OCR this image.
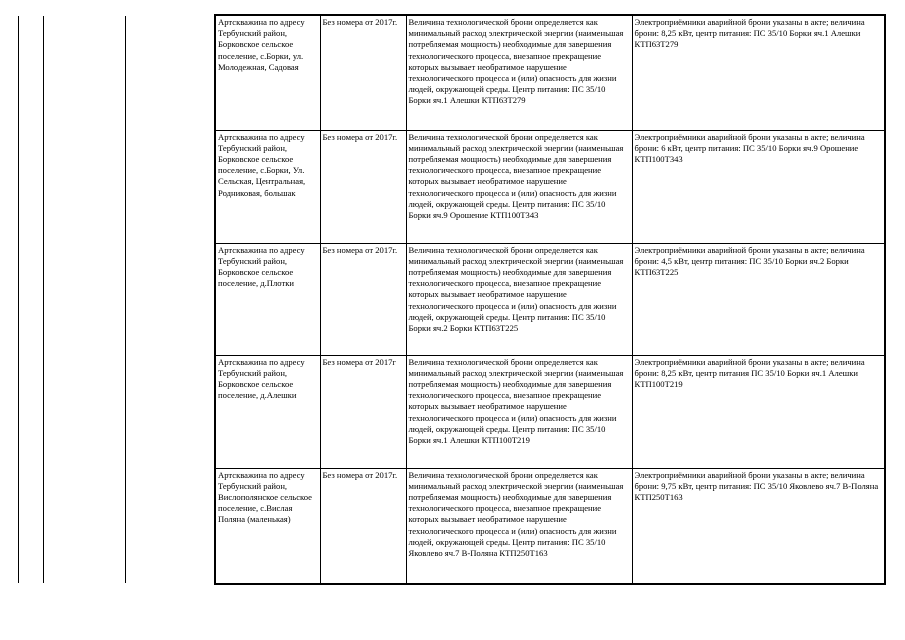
Артскважина по адресу Тербунский район, Борковское сельское поселение, с.Борки, ул. Молодежная, Садовая	Без номера от 2017г.	Величина технологической брони определяется как минимальный расход электрической энергии (наименьшая потребляемая мощность) необходимые для завершения технологического процесса, внезапное прекращение которых вызывает необратимое нарушение технологического процесса и (или) опасность для жизни людей, окружающей среды. Центр питания: ПС 35/10 Борки яч.1 Алешки КТП63Т279	Электроприёмники аварийной брони указаны в акте; величина брони: 8,25 кВт, центр питания: ПС 35/10 Борки яч.1 Алешки КТП63Т279
Артскважина по адресу Тербунский район, Борковское сельское поселение, с.Борки, Ул. Сельская, Центральная, Родниковая, большак	Без номера от 2017г.	Величина технологической брони определяется как минимальный расход электрической энергии (наименьшая потребляемая мощность) необходимые для завершения технологического процесса, внезапное прекращение которых вызывает необратимое нарушение технологического процесса и (или) опасность для жизни людей, окружающей среды. Центр питания: ПС 35/10 Борки яч.9 Орошение КТП100Т343	Электроприёмники аварийной брони указаны в акте; величина брони: 6 кВт, центр питания: ПС 35/10 Борки яч.9 Орошение КТП100Т343
Артскважина по адресу Тербунский район, Борковское сельское поселение, д.Плотки	Без номера от 2017г.	Величина технологической брони определяется как минимальный расход электрической энергии (наименьшая потребляемая мощность) необходимые для завершения технологического процесса, внезапное прекращение которых вызывает необратимое нарушение технологического процесса и (или) опасность для жизни людей, окружающей среды. Центр питания: ПС 35/10 Борки яч.2 Борки КТП63Т225	Электроприёмники аварийной брони указаны в акте; величина брони: 4,5 кВт, центр питания: ПС 35/10 Борки яч.2 Борки КТП63Т225
Артскважина по адресу Тербунский район, Борковское сельское поселение, д.Алешки	Без номера от 2017г	Величина технологической брони определяется как минимальный расход электрической энергии (наименьшая потребляемая мощность) необходимые для завершения технологического процесса, внезапное прекращение которых вызывает необратимое нарушение технологического процесса и (или) опасность для жизни людей, окружающей среды. Центр питания: ПС 35/10 Борки яч.1 Алешки КТП100Т219	Электроприёмники аварийной брони указаны в акте; величина брони: 8,25 кВт, центр питания ПС 35/10 Борки яч.1 Алешки КТП100Т219
Артскважина по адресу Тербунский район, Вислополянское сельское поселение, с.Вислая Поляна (маленькая)	Без номера от 2017г.	Величина технологической брони определяется как минимальный расход электрической энергии (наименьшая потребляемая мощность) необходимые для завершения технологического процесса, внезапное прекращение которых вызывает необратимое нарушение технологического процесса и (или) опасность для жизни людей, окружающей среды. Центр питания: ПС 35/10 Яковлево яч.7 В-Поляна КТП250Т163	Электроприёмники аварийной брони указаны в акте; величина брони: 9,75 кВт, центр питания: ПС 35/10 Яковлево яч.7 В-Поляна КТП250Т163
